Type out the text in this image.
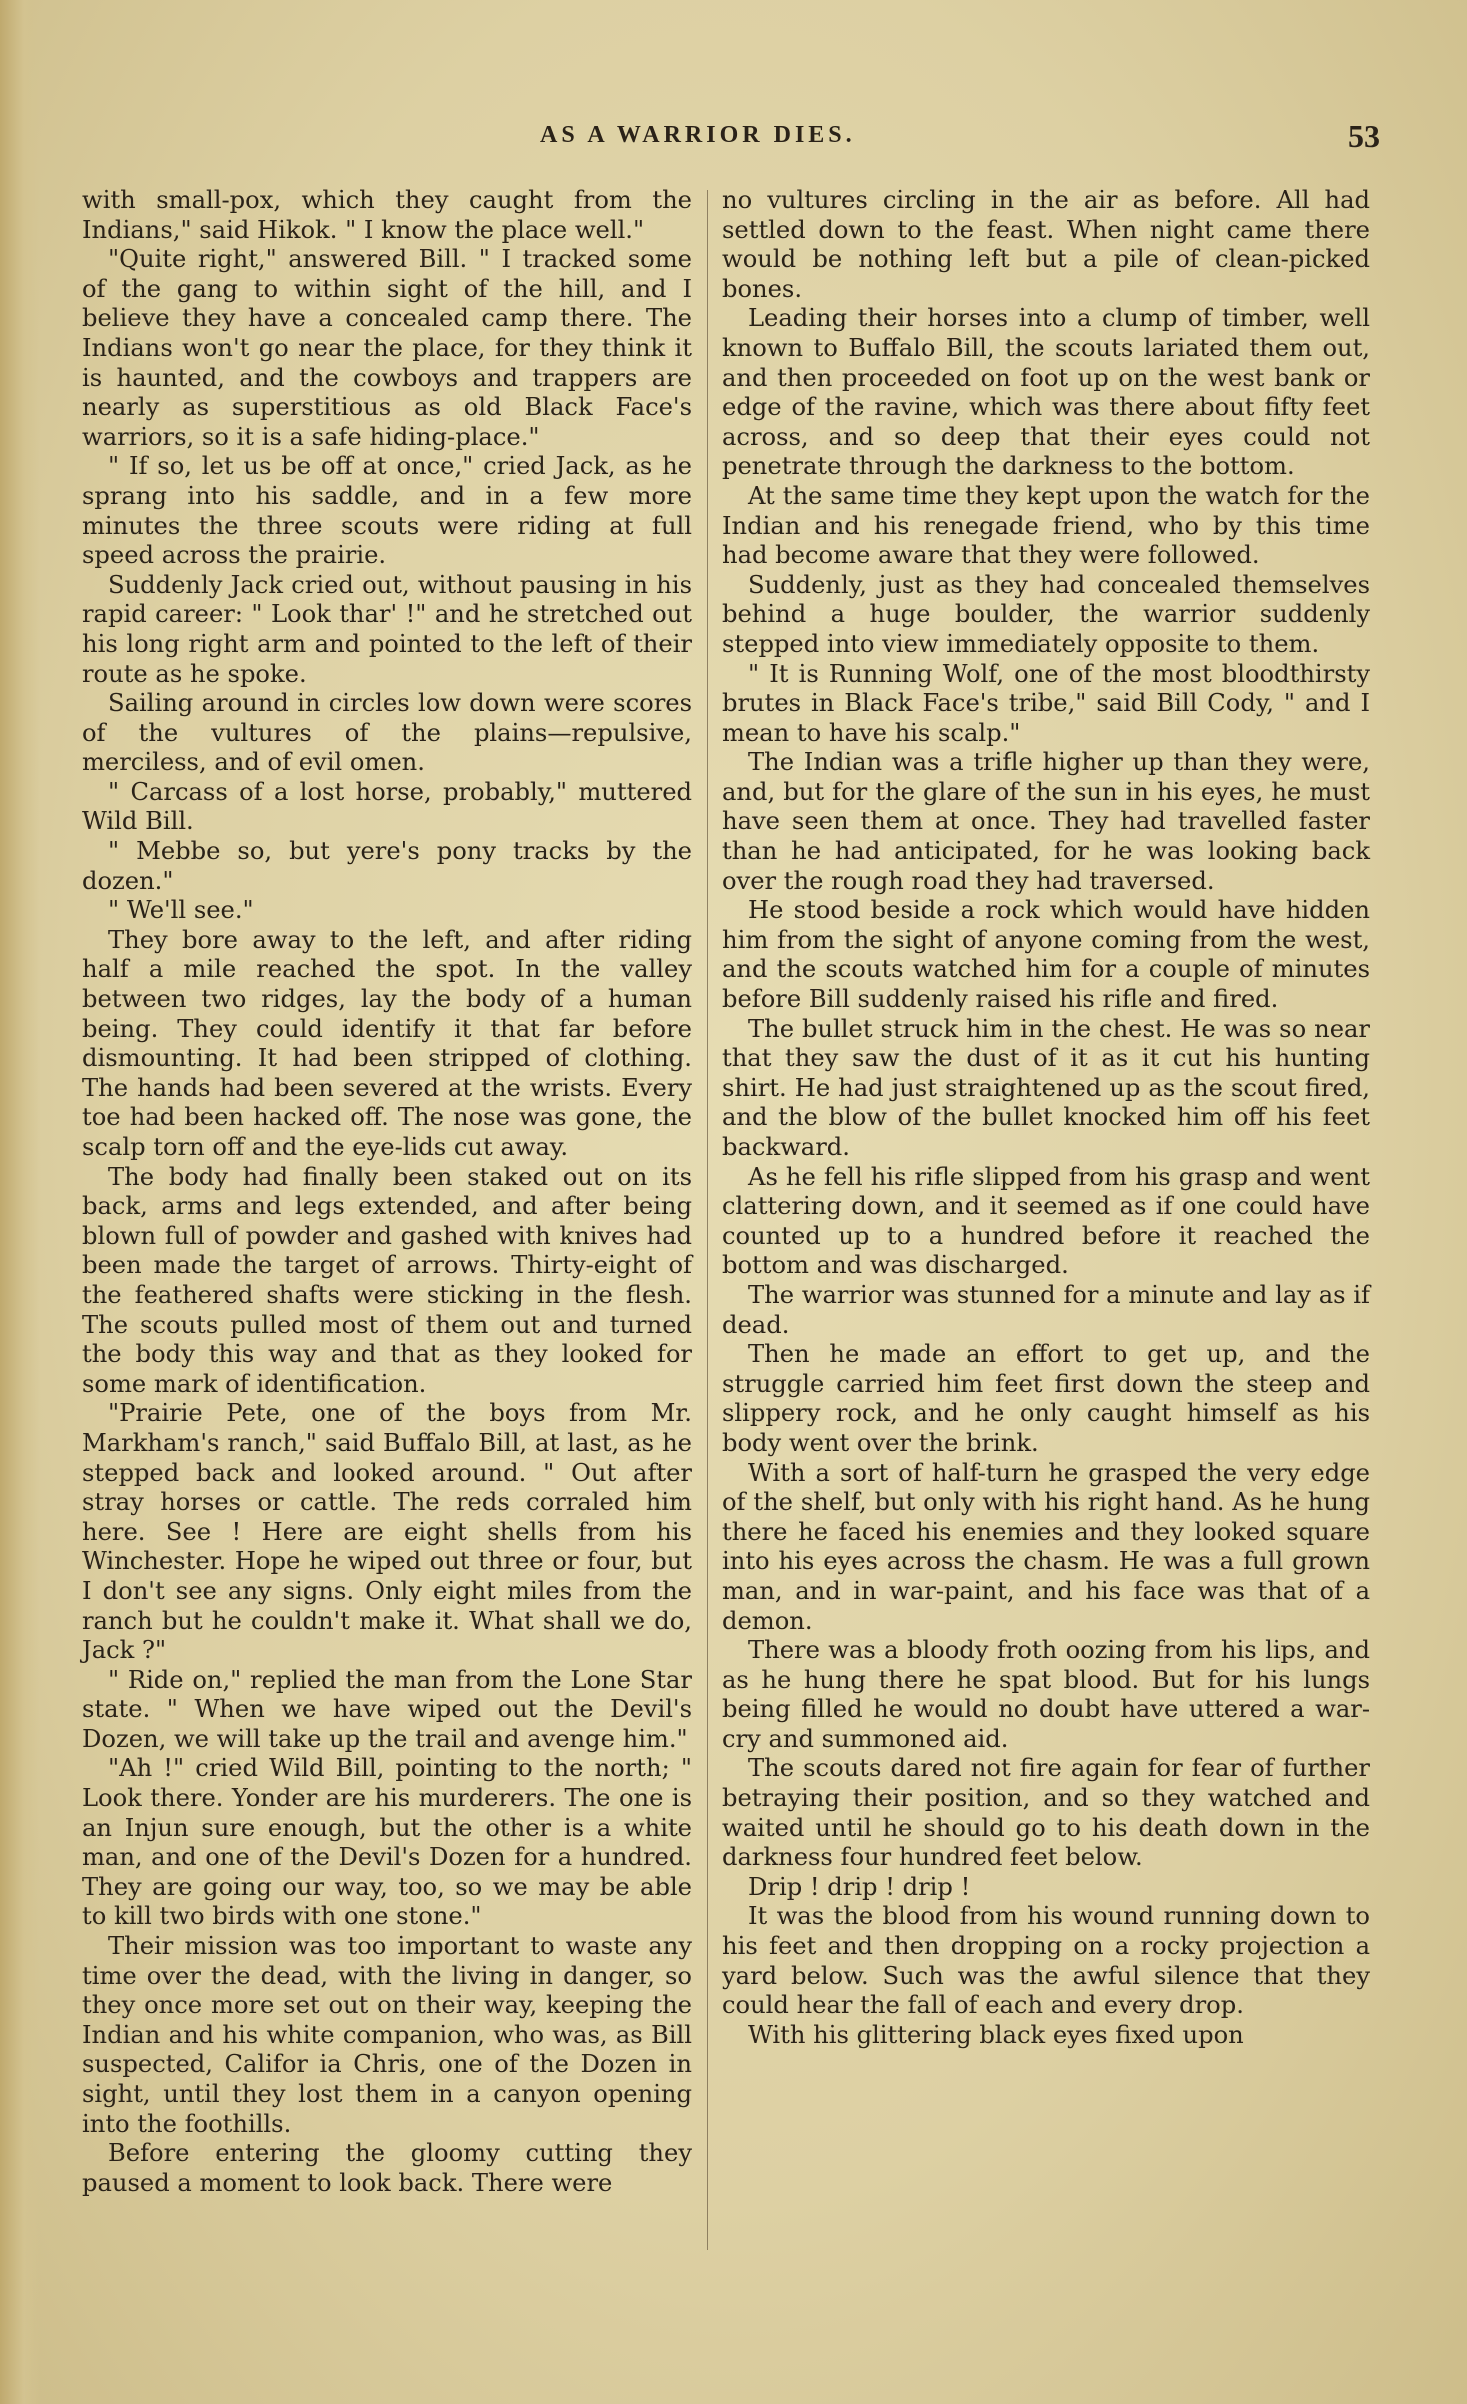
AS A WARRIOR DIES.	53

with small-pox, which they caught from the Indians," said Hikok. " I know the place well."

"Quite right," answered Bill. " I tracked some of the gang to within sight of the hill, and I believe they have a concealed camp there. The Indians won't go near the place, for they think it is haunted, and the cowboys and trappers are nearly as superstitious as old Black Face's warriors, so it is a safe hiding-place."

" If so, let us be off at once," cried Jack, as he sprang into his saddle, and in a few more minutes the three scouts were riding at full speed across the prairie.

Suddenly Jack cried out, without pausing in his rapid career: " Look thar' !" and he stretched out his long right arm and pointed to the left of their route as he spoke.

Sailing around in circles low down were scores of the vultures of the plains—repulsive, merciless, and of evil omen.

" Carcass of a lost horse, probably," muttered Wild Bill.

" Mebbe so, but yere's pony tracks by the dozen."

" We'll see."

They bore away to the left, and after riding half a mile reached the spot. In the valley between two ridges, lay the body of a human being. They could identify it that far before dismounting. It had been stripped of clothing. The hands had been severed at the wrists. Every toe had been hacked off. The nose was gone, the scalp torn off and the eye-lids cut away.

The body had finally been staked out on its back, arms and legs extended, and after being blown full of powder and gashed with knives had been made the target of arrows. Thirty-eight of the feathered shafts were sticking in the flesh. The scouts pulled most of them out and turned the body this way and that as they looked for some mark of identification.

"Prairie Pete, one of the boys from Mr. Markham's ranch," said Buffalo Bill, at last, as he stepped back and looked around. " Out after stray horses or cattle. The reds corraled him here. See ! Here are eight shells from his Winchester. Hope he wiped out three or four, but I don't see any signs. Only eight miles from the ranch but he couldn't make it. What shall we do, Jack ?"

" Ride on," replied the man from the Lone Star state. " When we have wiped out the Devil's Dozen, we will take up the trail and avenge him."

"Ah !" cried Wild Bill, pointing to the north; " Look there. Yonder are his murderers. The one is an Injun sure enough, but the other is a white man, and one of the Devil's Dozen for a hundred. They are going our way, too, so we may be able to kill two birds with one stone."

Their mission was too important to waste any time over the dead, with the living in danger, so they once more set out on their way, keeping the Indian and his white companion, who was, as Bill suspected, Califor ia Chris, one of the Dozen in sight, until they lost them in a canyon opening into the foothills.

Before entering the gloomy cutting they paused a moment to look back. There were

no vultures circling in the air as before. All had settled down to the feast. When night came there would be nothing left but a pile of clean-picked bones.

Leading their horses into a clump of timber, well known to Buffalo Bill, the scouts lariated them out, and then proceeded on foot up on the west bank or edge of the ravine, which was there about fifty feet across, and so deep that their eyes could not penetrate through the darkness to the bottom.

At the same time they kept upon the watch for the Indian and his renegade friend, who by this time had become aware that they were followed.

Suddenly, just as they had concealed themselves behind a huge boulder, the warrior suddenly stepped into view immediately opposite to them.

" It is Running Wolf, one of the most bloodthirsty brutes in Black Face's tribe," said Bill Cody, " and I mean to have his scalp."

The Indian was a trifle higher up than they were, and, but for the glare of the sun in his eyes, he must have seen them at once. They had travelled faster than he had anticipated, for he was looking back over the rough road they had traversed.

He stood beside a rock which would have hidden him from the sight of anyone coming from the west, and the scouts watched him for a couple of minutes before Bill suddenly raised his rifle and fired.

The bullet struck him in the chest. He was so near that they saw the dust of it as it cut his hunting shirt. He had just straightened up as the scout fired, and the blow of the bullet knocked him off his feet backward.

As he fell his rifle slipped from his grasp and went clattering down, and it seemed as if one could have counted up to a hundred before it reached the bottom and was discharged.

The warrior was stunned for a minute and lay as if dead.

Then he made an effort to get up, and the struggle carried him feet first down the steep and slippery rock, and he only caught himself as his body went over the brink.

With a sort of half-turn he grasped the very edge of the shelf, but only with his right hand. As he hung there he faced his enemies and they looked square into his eyes across the chasm. He was a full grown man, and in war-paint, and his face was that of a demon.

There was a bloody froth oozing from his lips, and as he hung there he spat blood. But for his lungs being filled he would no doubt have uttered a war-cry and summoned aid.

The scouts dared not fire again for fear of further betraying their position, and so they watched and waited until he should go to his death down in the darkness four hundred feet below.

Drip ! drip ! drip !

It was the blood from his wound running down to his feet and then dropping on a rocky projection a yard below. Such was the awful silence that they could hear the fall of each and every drop.

With his glittering black eyes fixed upon
